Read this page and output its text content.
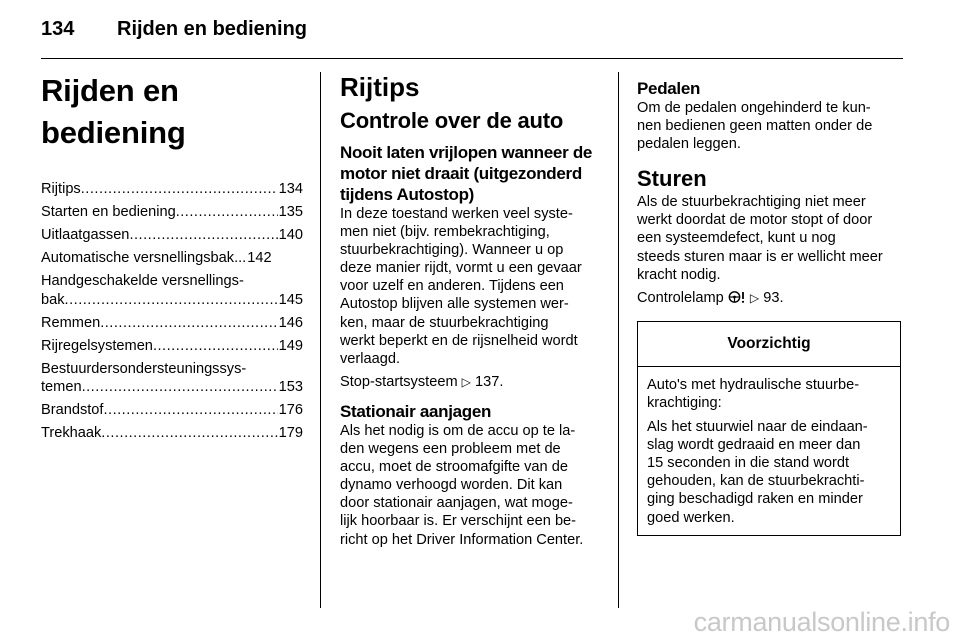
134	Rijden en bediening
Rijden en bediening
Rijtips .....	134
Starten en bediening .....	135
Uitlaatgassen .....	140
Automatische versnellingsbak ... 142
Handgeschakelde versnellings-
bak .....	145
Remmen .....	146
Rijregelsystemen .....	149
Bestuurdersondersteuningssys-
temen .....	153
Brandstof .....	176
Trekhaak .....	179
Rijtips
Controle over de auto
Nooit laten vrijlopen wanneer de
motor niet draait (uitgezonderd
tijdens Autostop)
In deze toestand werken veel syste-
men niet (bijv. rembekrachtiging,
stuurbekrachtiging). Wanneer u op
deze manier rijdt, vormt u een gevaar
voor uzelf en anderen. Tijdens een
Autostop blijven alle systemen wer-
ken, maar de stuurbekrachtiging
werkt beperkt en de rijsnelheid wordt
verlaagd.
Stop-startsysteem ▷ 137.
Stationair aanjagen
Als het nodig is om de accu op te la-
den wegens een probleem met de
accu, moet de stroomafgifte van de
dynamo verhoogd worden. Dit kan
door stationair aanjagen, wat moge-
lijk hoorbaar is. Er verschijnt een be-
richt op het Driver Information Center.
Pedalen
Om de pedalen ongehinderd te kun-
nen bedienen geen matten onder de
pedalen leggen.
Sturen
Als de stuurbekrachtiging niet meer
werkt doordat de motor stopt of door
een systeemdefect, kunt u nog
steeds sturen maar is er wellicht meer
kracht nodig.
Controlelamp ▷ 93.
Voorzichtig
Auto's met hydraulische stuurbe-
krachtiging:
Als het stuurwiel naar de eindaan-
slag wordt gedraaid en meer dan
15 seconden in die stand wordt
gehouden, kan de stuurbekrachti-
ging beschadigd raken en minder
goed werken.
carmanualsonline.info
